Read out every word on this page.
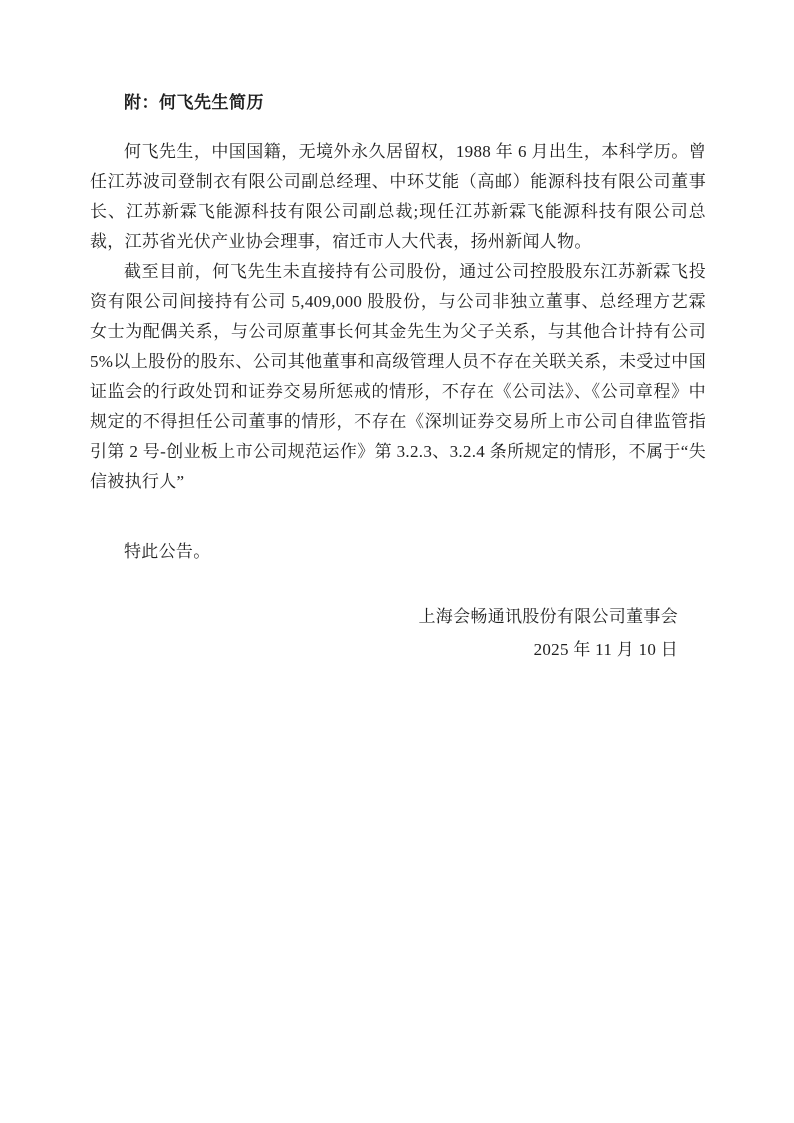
附：何飞先生简历

何飞先生，中国国籍，无境外永久居留权，1988 年 6 月出生，本科学历。曾任江苏波司登制衣有限公司副总经理、中环艾能（高邮）能源科技有限公司董事长、江苏新霖飞能源科技有限公司副总裁;现任江苏新霖飞能源科技有限公司总裁，江苏省光伏产业协会理事，宿迁市人大代表，扬州新闻人物。

截至目前，何飞先生未直接持有公司股份，通过公司控股股东江苏新霖飞投资有限公司间接持有公司 5,409,000 股股份，与公司非独立董事、总经理方艺霖女士为配偶关系，与公司原董事长何其金先生为父子关系，与其他合计持有公司 5%以上股份的股东、公司其他董事和高级管理人员不存在关联关系，未受过中国证监会的行政处罚和证券交易所惩戒的情形，不存在《公司法》、《公司章程》中规定的不得担任公司董事的情形，不存在《深圳证券交易所上市公司自律监管指引第 2 号-创业板上市公司规范运作》第 3.2.3、3.2.4 条所规定的情形，不属于“失信被执行人”

特此公告。

上海会畅通讯股份有限公司董事会

2025 年 11 月 10 日
